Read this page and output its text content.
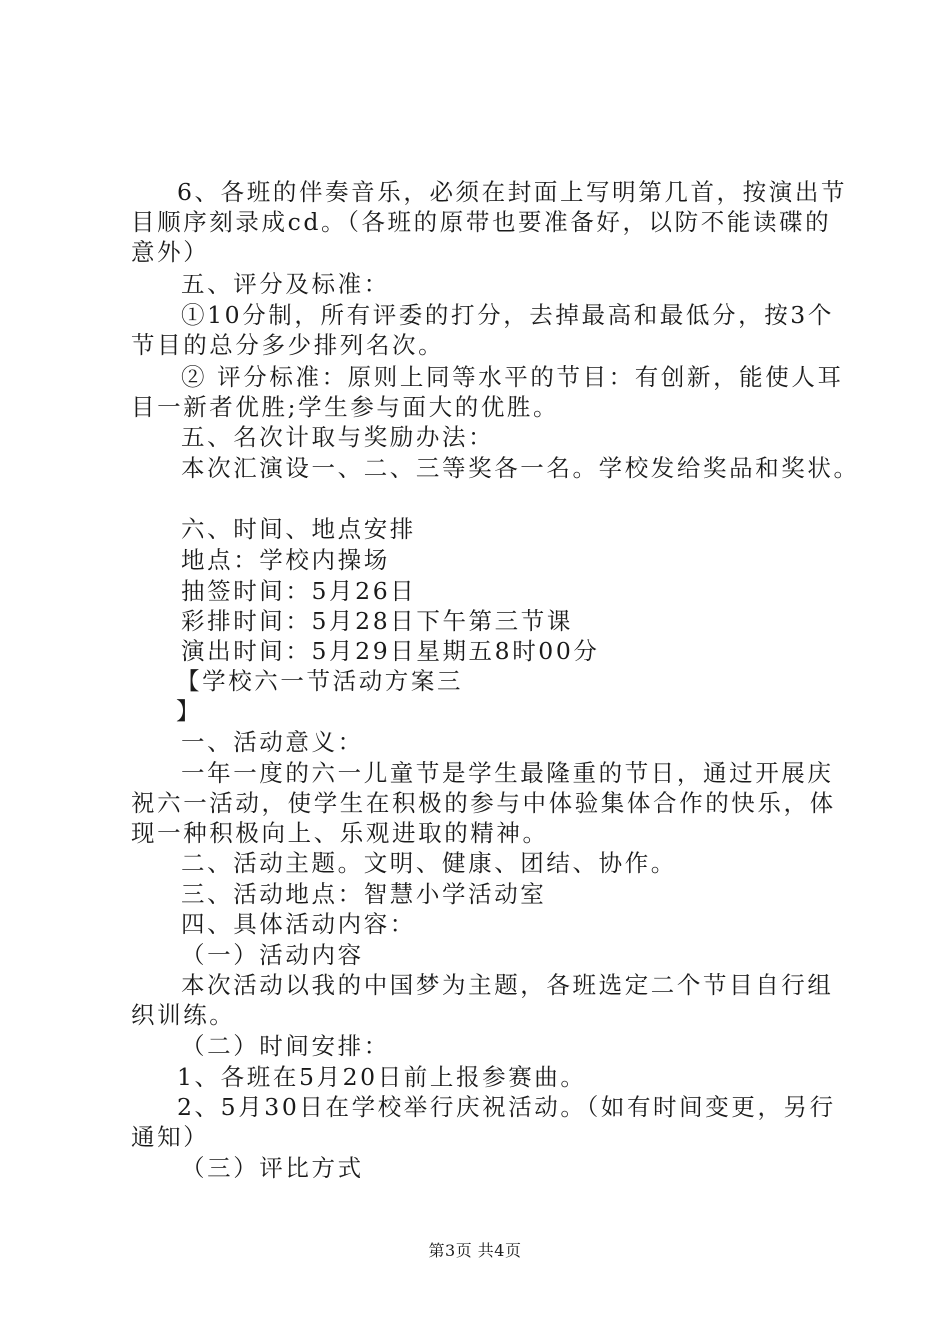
6、各班的伴奏音乐，必须在封面上写明第几首，按演出节
目顺序刻录成cd。（各班的原带也要准备好，以防不能读碟的
意外）
五、评分及标准：
①10分制，所有评委的打分，去掉最高和最低分，按3个
节目的总分多少排列名次。
② 评分标准：原则上同等水平的节目：有创新，能使人耳
目一新者优胜;学生参与面大的优胜。
五、名次计取与奖励办法：
本次汇演设一、二、三等奖各一名。学校发给奖品和奖状。
六、时间、地点安排
地点：学校内操场
抽签时间：5月26日
彩排时间：5月28日下午第三节课
演出时间：5月29日星期五8时00分
【学校六一节活动方案三
】
一、活动意义：
一年一度的六一儿童节是学生最隆重的节日，通过开展庆
祝六一活动，使学生在积极的参与中体验集体合作的快乐，体
现一种积极向上、乐观进取的精神。
二、活动主题。文明、健康、团结、协作。
三、活动地点：智慧小学活动室
四、具体活动内容：
（一）活动内容
本次活动以我的中国梦为主题，各班选定二个节目自行组
织训练。
（二）时间安排：
1、各班在5月20日前上报参赛曲。
2、5月30日在学校举行庆祝活动。（如有时间变更，另行
通知）
（三）评比方式
第3页 共4页
